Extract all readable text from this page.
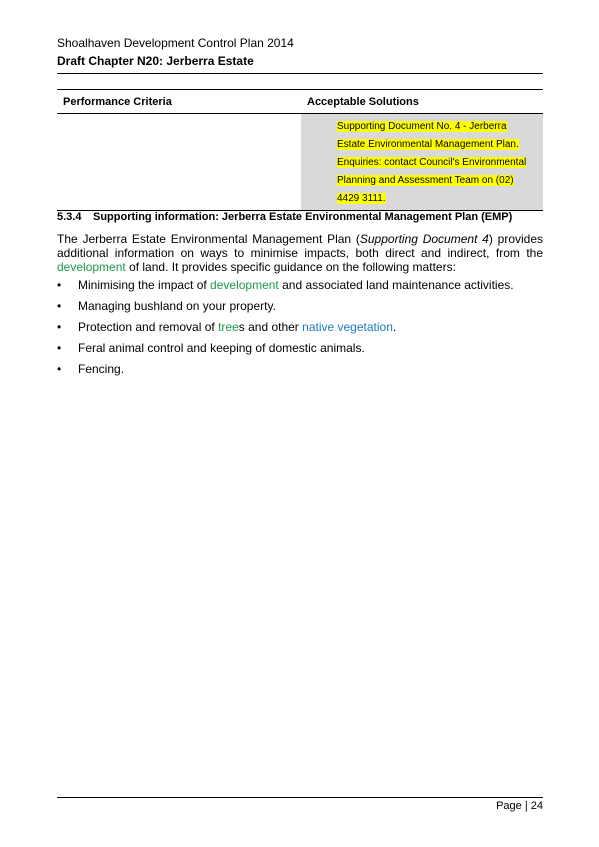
Shoalhaven Development Control Plan 2014
Draft Chapter N20: Jerberra Estate
Performance Criteria	Acceptable Solutions
	Supporting Document No. 4 - Jerberra Estate Environmental Management Plan. Enquiries: contact Council's Environmental Planning and Assessment Team on (02) 4429 3111.
5.3.4 Supporting information: Jerberra Estate Environmental Management Plan (EMP)
The Jerberra Estate Environmental Management Plan (Supporting Document 4) provides additional information on ways to minimise impacts, both direct and indirect, from the development of land. It provides specific guidance on the following matters:
• Minimising the impact of development and associated land maintenance activities.
• Managing bushland on your property.
• Protection and removal of trees and other native vegetation.
• Feral animal control and keeping of domestic animals.
• Fencing.
Page | 24
